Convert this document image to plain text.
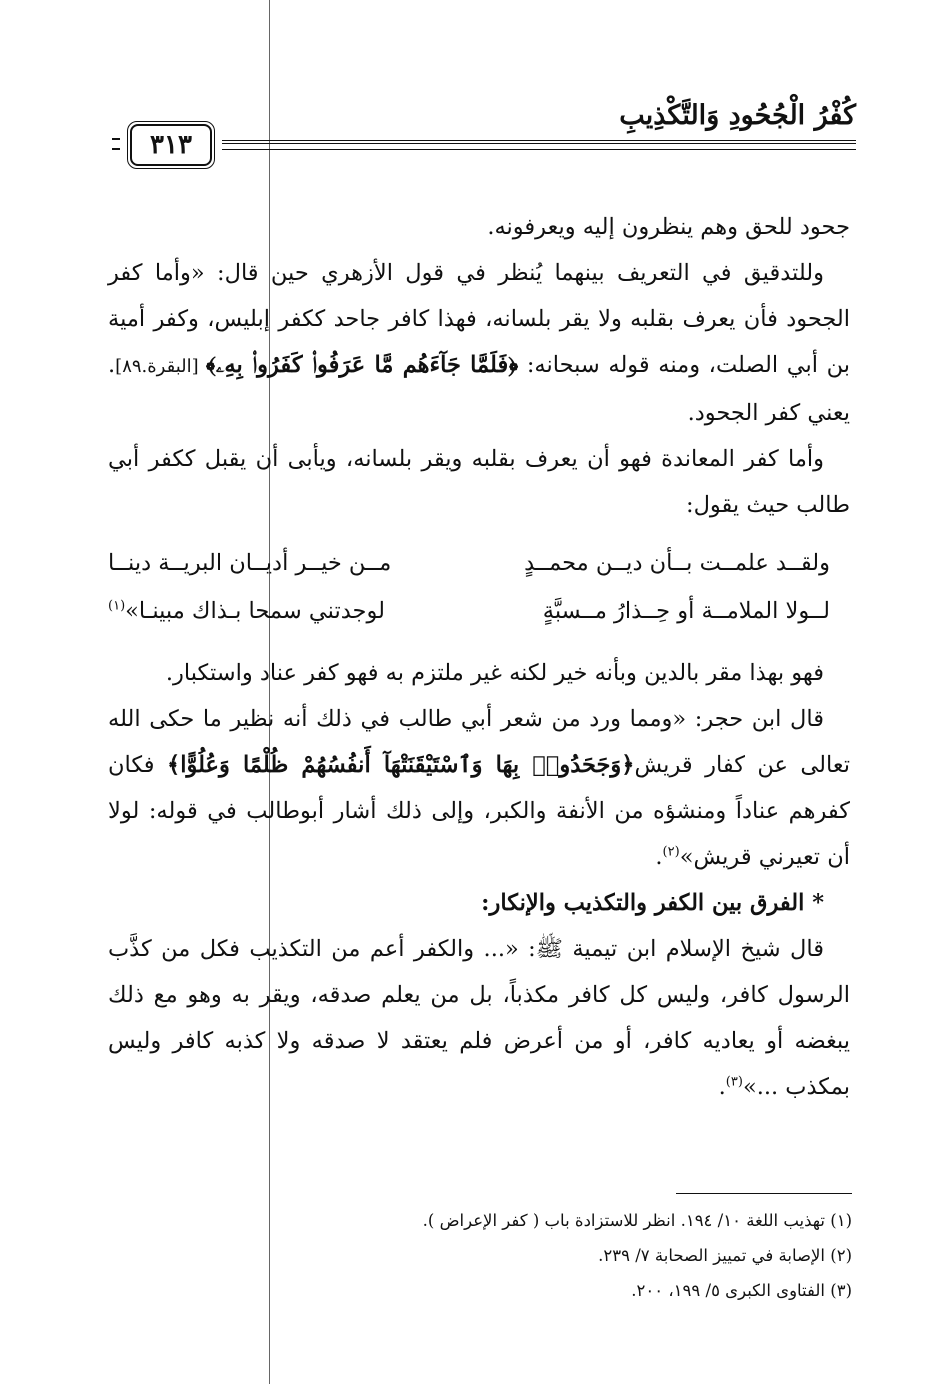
كُفْرُ الْجُحُودِ وَالتَّكْذِيبِ
٣١٣

جحود للحق وهم ينظرون إليه ويعرفونه.

وللتدقيق في التعريف بينهما يُنظر في قول الأزهري حين قال: «وأما كفر الجحود فأن يعرف بقلبه ولا يقر بلسانه، فهذا كافر جاحد ككفر إبليس، وكفر أمية بن أبي الصلت، ومنه قوله سبحانه: ﴿فَلَمَّا جَآءَهُم مَّا عَرَفُوا۟ كَفَرُوا۟ بِهِۦ﴾ [البقرة.٨٩]. يعني كفر الجحود.

وأما كفر المعاندة فهو أن يعرف بقلبه ويقر بلسانه، ويأبى أن يقبل ككفر أبي طالب حيث يقول:

ولقــد علمــت بــأن ديــن محمــدٍ
مــن خيــر أديــان البريــة دينــا
لــولا الملامــة أو حِــذارُ مــسبَّةٍ
لوجدتني سمحا بـذاك مبينـا»$^{(١)}$

فهو بهذا مقر بالدين وبأنه خير لكنه غير ملتزم به فهو كفر عناد واستكبار.

قال ابن حجر: «ومما ورد من شعر أبي طالب في ذلك أنه نظير ما حكى الله تعالى عن كفار قريش﴿وَجَحَدُوا۟ بِهَا وَٱسْتَيْقَنَتْهَآ أَنفُسُهُمْ ظُلْمًا وَعُلُوًّا﴾ فكان كفرهم عناداً ومنشؤه من الأنفة والكبر، وإلى ذلك أشار أبوطالب في قوله: لولا أن تعيرني قريش»$^{(٢)}$.

* الفرق بين الكفر والتكذيب والإنكار:

قال شيخ الإسلام ابن تيمية ﷺ: «... والكفر أعم من التكذيب فكل من كذَّب الرسول كافر، وليس كل كافر مكذباً، بل من يعلم صدقه، ويقر به وهو مع ذلك يبغضه أو يعاديه كافر، أو من أعرض فلم يعتقد لا صدقه ولا كذبه كافر وليس بمكذب ...»$^{(٣)}$.

(١) تهذيب اللغة ١٠/ ١٩٤. انظر للاستزادة باب ( كفر الإعراض ).

(٢) الإصابة في تمييز الصحابة ٧/ ٢٣٩.

(٣) الفتاوى الكبرى ٥/ ١٩٩، ٢٠٠.
